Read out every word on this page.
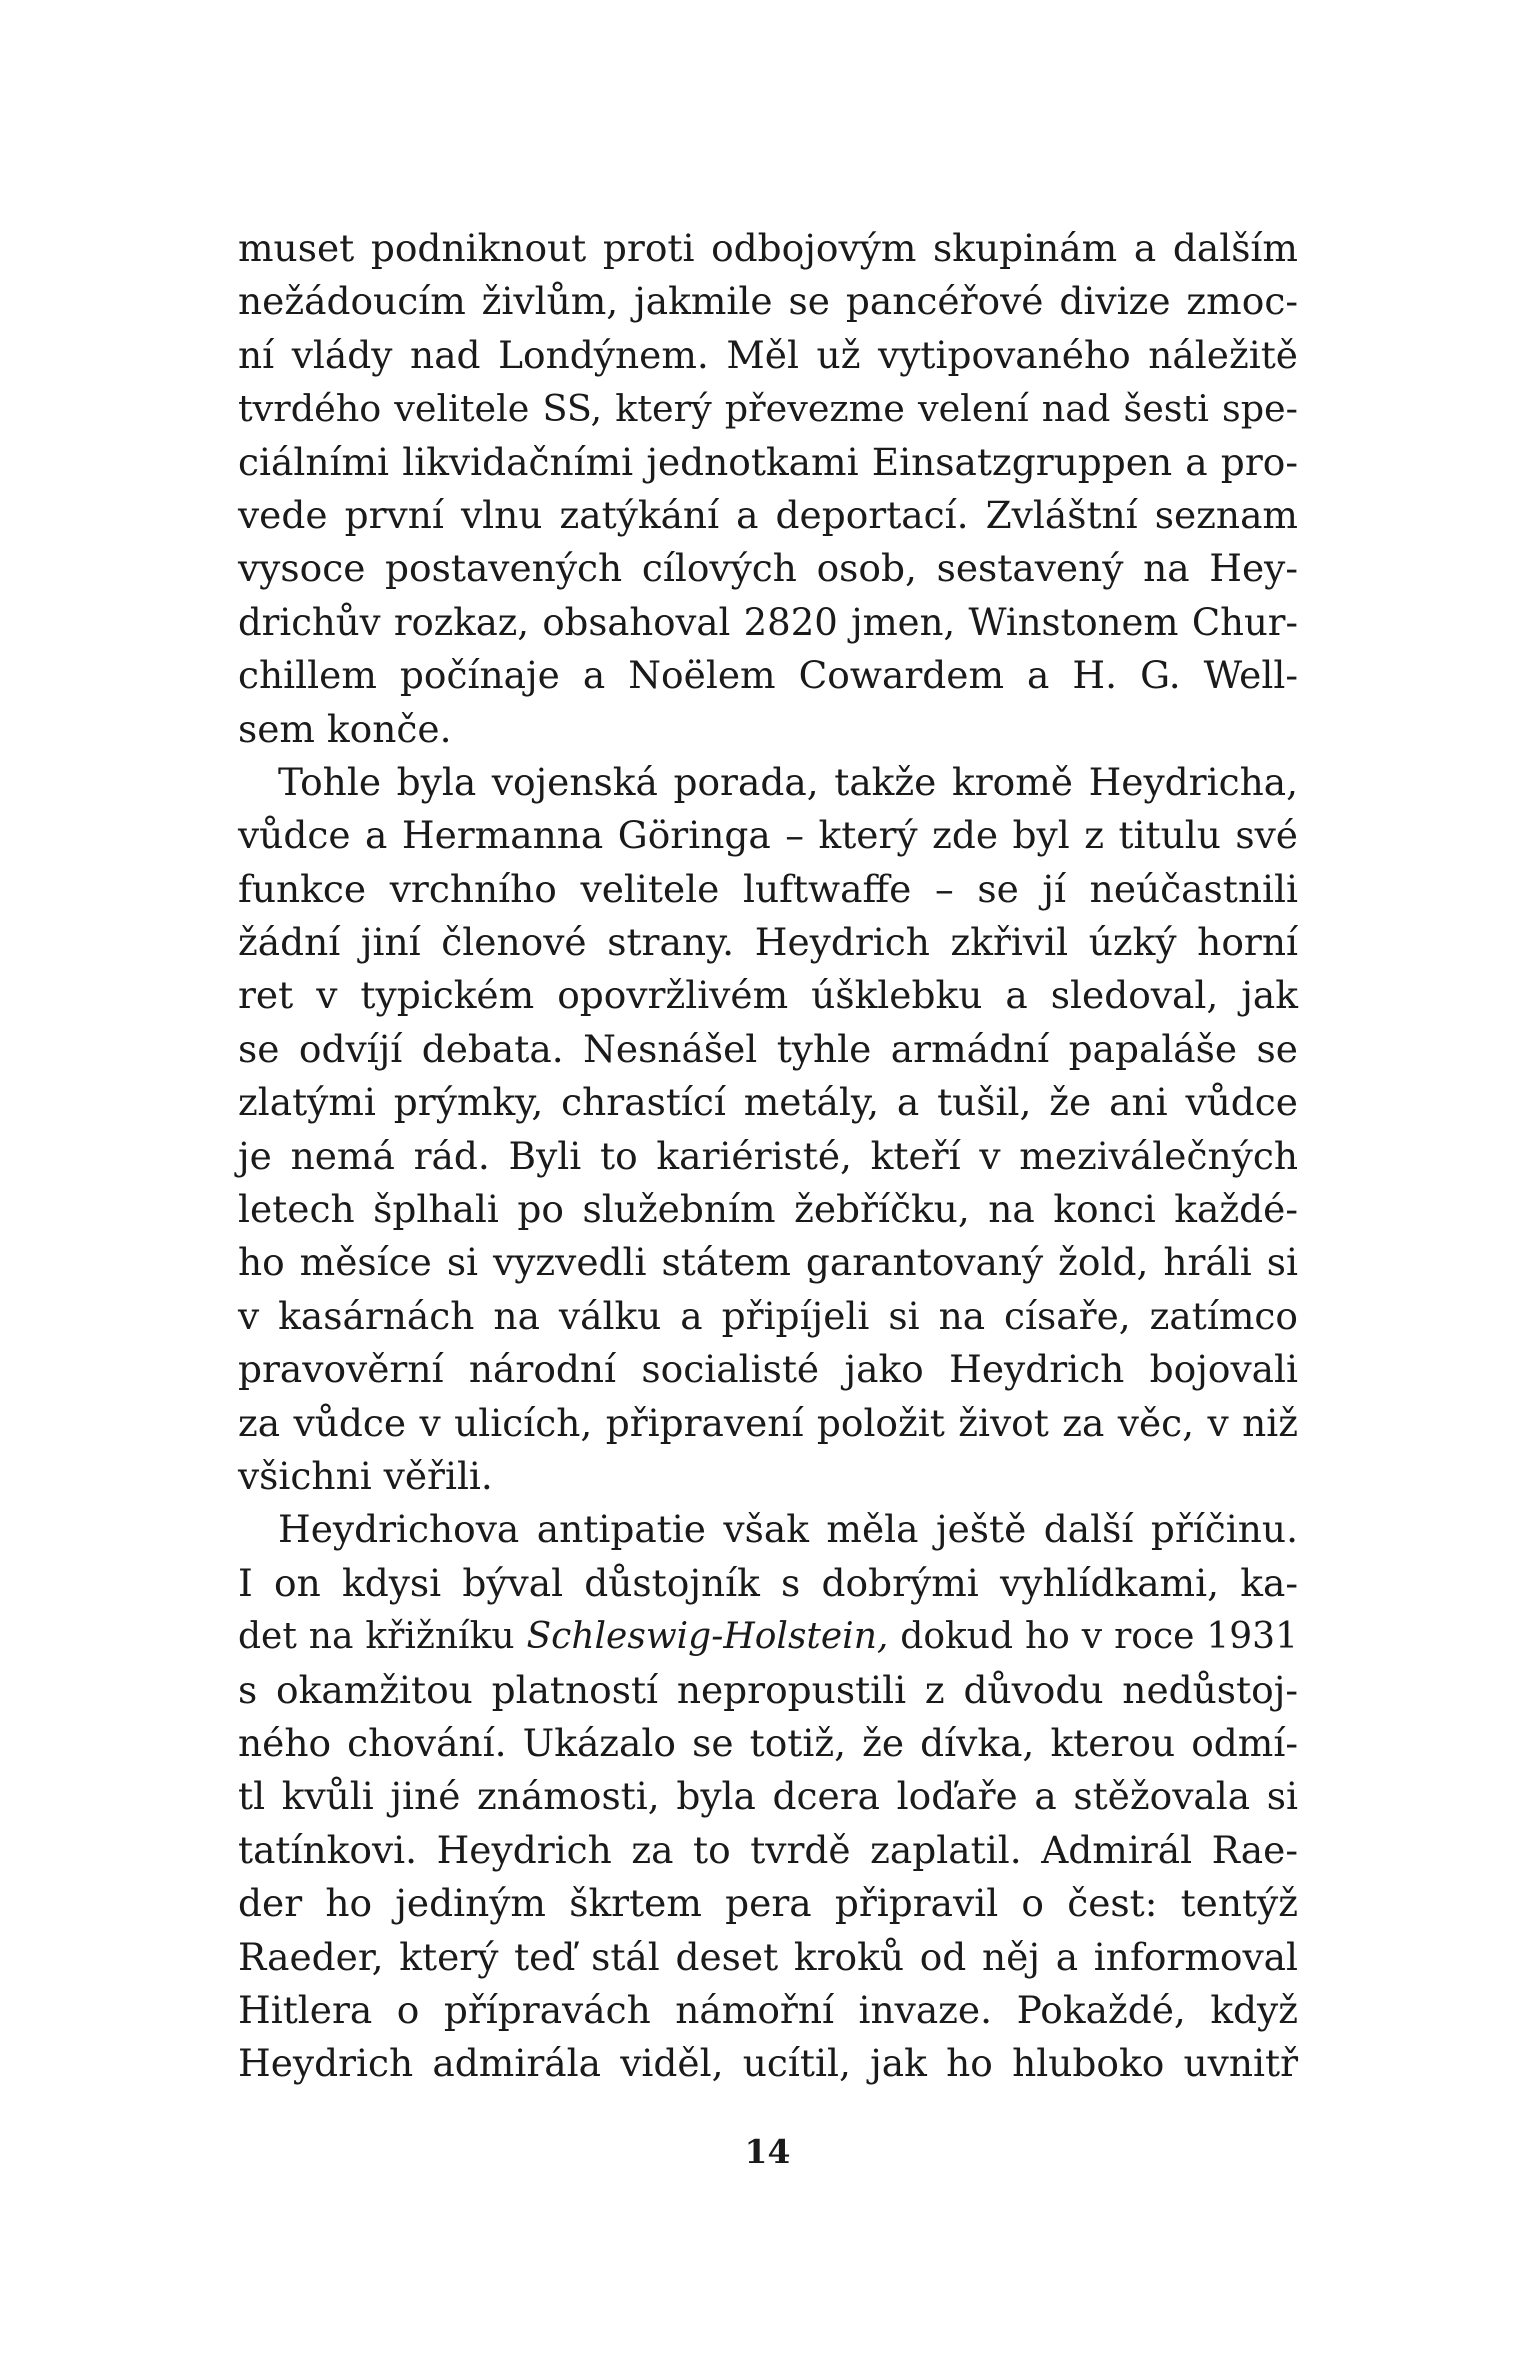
muset podniknout proti odbojovým skupinám a dalším
nežádoucím živlům, jakmile se pancéřové divize zmoc-
ní vlády nad Londýnem. Měl už vytipovaného náležitě
tvrdého velitele SS, který převezme velení nad šesti spe-
ciálními likvidačními jednotkami Einsatzgruppen a pro-
vede první vlnu zatýkání a deportací. Zvláštní seznam
vysoce postavených cílových osob, sestavený na Hey-
drichův rozkaz, obsahoval 2820 jmen, Winstonem Chur-
chillem počínaje a Noëlem Cowardem a H. G. Well-
sem konče.
Tohle byla vojenská porada, takže kromě Heydricha,
vůdce a Hermanna Göringa – který zde byl z titulu své
funkce vrchního velitele luftwaffe – se jí neúčastnili
žádní jiní členové strany. Heydrich zkřivil úzký horní
ret v typickém opovržlivém úšklebku a sledoval, jak
se odvíjí debata. Nesnášel tyhle armádní papaláše se
zlatými prýmky, chrastící metály, a tušil, že ani vůdce
je nemá rád. Byli to kariéristé, kteří v meziválečných
letech šplhali po služebním žebříčku, na konci každé-
ho měsíce si vyzvedli státem garantovaný žold, hráli si
v kasárnách na válku a připíjeli si na císaře, zatímco
pravověrní národní socialisté jako Heydrich bojovali
za vůdce v ulicích, připravení položit život za věc, v niž
všichni věřili.
Heydrichova antipatie však měla ještě další příčinu.
I on kdysi býval důstojník s dobrými vyhlídkami, ka-
det na křižníku Schleswig-Holstein, dokud ho v roce 1931
s okamžitou platností nepropustili z důvodu nedůstoj-
ného chování. Ukázalo se totiž, že dívka, kterou odmí-
tl kvůli jiné známosti, byla dcera loďaře a stěžovala si
tatínkovi. Heydrich za to tvrdě zaplatil. Admirál Rae-
der ho jediným škrtem pera připravil o čest: tentýž
Raeder, který teď stál deset kroků od něj a informoval
Hitlera o přípravách námořní invaze. Pokaždé, když
Heydrich admirála viděl, ucítil, jak ho hluboko uvnitř
14
